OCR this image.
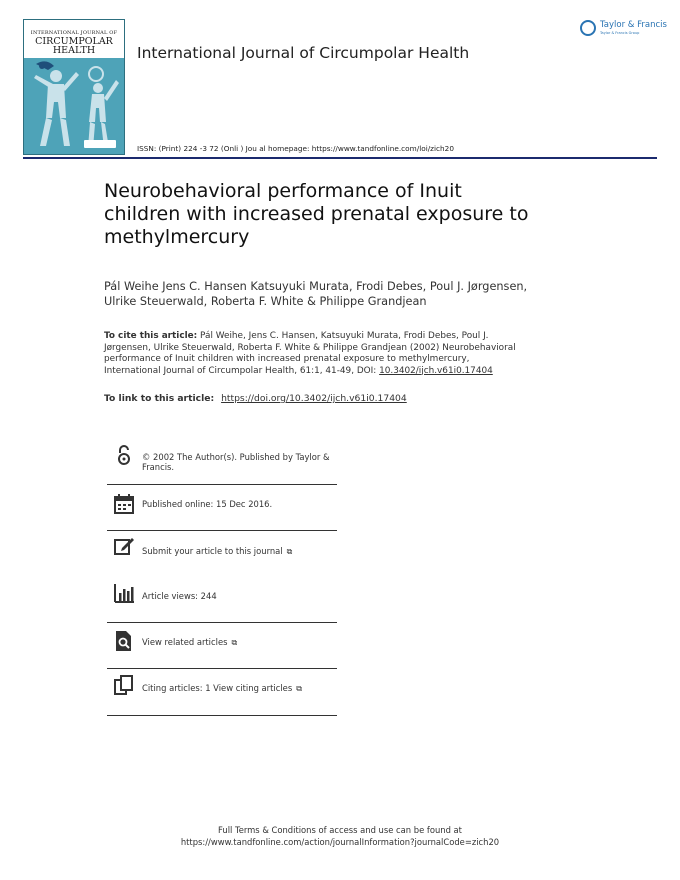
INTERNATIONAL JOURNAL OF
CIRCUMPOLAR
HEALTH	International Journal of Circumpolar Health
Taylor & Francis
Taylor & Francis Group
ISSN: (Print) 224 -3 72 (Onli ) Jou al homepage: https://www.tandfonline.com/loi/zich20
Neurobehavioral performance of Inuit
children with increased prenatal exposure to
methylmercury
Pál Weihe Jens C. Hansen Katsuyuki Murata, Frodi Debes, Poul J. Jørgensen,
Ulrike Steuerwald, Roberta F. White & Philippe Grandjean
To cite this article: Pál Weihe, Jens C. Hansen, Katsuyuki Murata, Frodi Debes, Poul J.
Jørgensen, Ulrike Steuerwald, Roberta F. White & Philippe Grandjean (2002) Neurobehavioral
performance of Inuit children with increased prenatal exposure to methylmercury,
International Journal of Circumpolar Health, 61:1, 41-49, DOI: 10.3402/ijch.v61i0.17404
To link to this article: https://doi.org/10.3402/ijch.v61i0.17404
© 2002 The Author(s). Published by Taylor &
Francis.
Published online: 15 Dec 2016.
Submit your article to this journal ⧉
Article views: 244
View related articles ⧉
Citing articles: 1 View citing articles ⧉
Full Terms & Conditions of access and use can be found at
https://www.tandfonline.com/action/journalInformation?journalCode=zich20
